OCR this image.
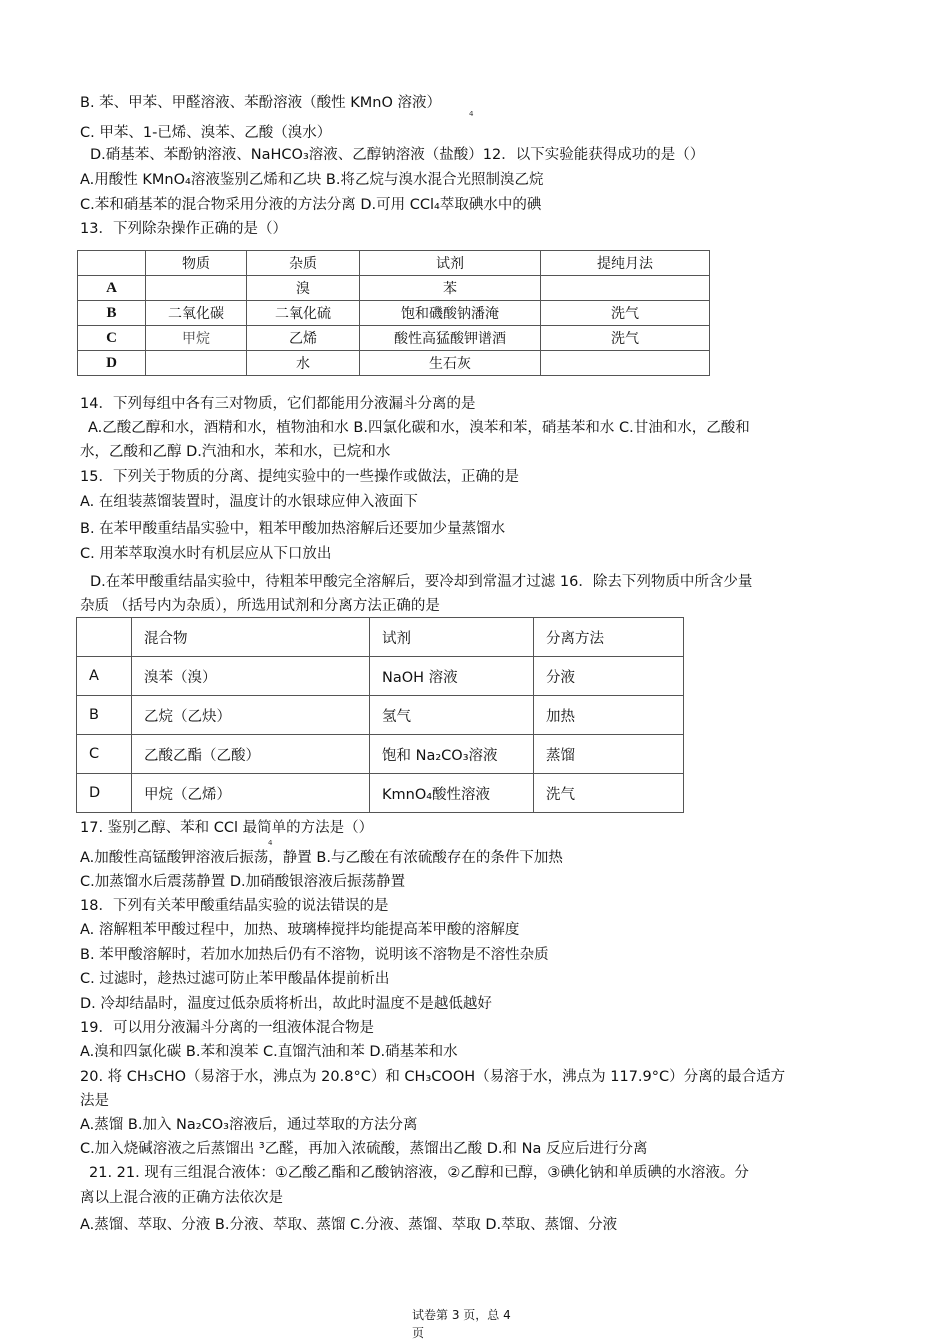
B. 苯、甲苯、甲醛溶液、苯酚溶液（酸性 KMnO 溶液）
4
C. 甲苯、1-已烯、溴苯、乙酸（溴水）
D.硝基苯、苯酚钠溶液、NaHCO₃溶液、乙醇钠溶液（盐酸）12．以下实验能获得成功的是（）
A.用酸性 KMnO₄溶液鉴别乙烯和乙块 B.将乙烷与溴水混合光照制溴乙烷
C.苯和硝基苯的混合物采用分液的方法分离 D.可用 CCl₄萃取碘水中的碘
13．下列除杂操作正确的是（）
	物质	杂质	试剂	提纯月法
A		溴	苯	
B	二氧化碳	二氧化硫	饱和磯酸钠潘淹	洗气
C	甲烷	乙烯	酸性高猛酸钾谱酒	洗气
D		水	生石灰	
14．下列每组中各有三对物质，它们都能用分液漏斗分离的是
A.乙酸乙醇和水，酒精和水，植物油和水 B.四氯化碳和水，溴苯和苯，硝基苯和水 C.甘油和水，乙酸和
水，乙酸和乙醇 D.汽油和水，苯和水，已烷和水
15．下列关于物质的分离、提纯实验中的一些操作或做法，正确的是
A. 在组装蒸馏装置时，温度计的水银球应伸入液面下
B. 在苯甲酸重结晶实验中，粗苯甲酸加热溶解后还要加少量蒸馏水
C. 用苯萃取溴水时有机层应从下口放出
D.在苯甲酸重结晶实验中，待粗苯甲酸完全溶解后，要冷却到常温才过滤 16．除去下列物质中所含少量
杂质 （括号内为杂质），所选用试剂和分离方法正确的是
	混合物	试剂	分离方法
A	溴苯（溴）	NaOH 溶液	分液
B	乙烷（乙炔）	氢气	加热
C	乙酸乙酯（乙酸）	饱和 Na₂CO₃溶液	蒸馏
D	甲烷（乙烯）	KmnO₄酸性溶液	洗气
17. 鉴别乙醇、苯和 CCl 最简单的方法是（）
4
A.加酸性高锰酸钾溶液后振荡，静置 B.与乙酸在有浓硫酸存在的条件下加热
C.加蒸馏水后震荡静置 D.加硝酸银溶液后振荡静置
18．下列有关苯甲酸重结晶实验的说法错误的是
A. 溶解粗苯甲酸过程中，加热、玻璃棒搅拌均能提高苯甲酸的溶解度
B. 苯甲酸溶解时，若加水加热后仍有不溶物，说明该不溶物是不溶性杂质
C. 过滤时，趁热过滤可防止苯甲酸晶体提前析出
D. 冷却结晶时，温度过低杂质将析出，故此时温度不是越低越好
19．可以用分液漏斗分离的一组液体混合物是
A.溴和四氯化碳 B.苯和溴苯 C.直馏汽油和苯 D.硝基苯和水
20. 将 CH₃CHO（易溶于水，沸点为 20.8°C）和 CH₃COOH（易溶于水，沸点为 117.9°C）分离的最合适方
法是
A.蒸馏 B.加入 Na₂CO₃溶液后，通过萃取的方法分离
C.加入烧碱溶液之后蒸馏出 ³乙醛，再加入浓硫酸，蒸馏出乙酸 D.和 Na 反应后进行分离
21. 21. 现有三组混合液体：①乙酸乙酯和乙酸钠溶液，②乙醇和已醇，③碘化钠和单质碘的水溶液。分
离以上混合液的正确方法依次是
A.蒸馏、萃取、分液 B.分液、萃取、蒸馏 C.分液、蒸馏、萃取 D.萃取、蒸馏、分液
试卷第 3 页，总 4
页
